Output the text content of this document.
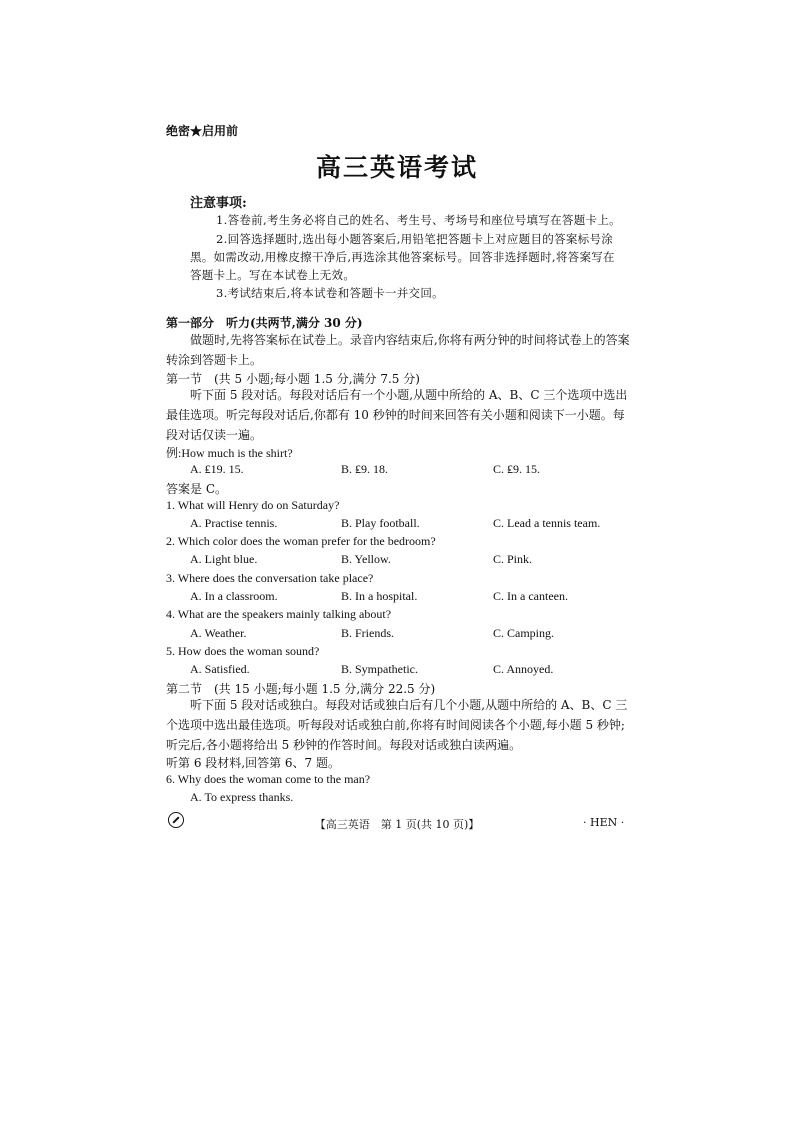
绝密★启用前
高三英语考试
注意事项:
1.答卷前,考生务必将自己的姓名、考生号、考场号和座位号填写在答题卡上。
2.回答选择题时,选出每小题答案后,用铅笔把答题卡上对应题目的答案标号涂
黑。如需改动,用橡皮擦干净后,再选涂其他答案标号。回答非选择题时,将答案写在
答题卡上。写在本试卷上无效。
3.考试结束后,将本试卷和答题卡一并交回。
第一部分　听力(共两节,满分 30 分)
做题时,先将答案标在试卷上。录音内容结束后,你将有两分钟的时间将试卷上的答案转涂到答题卡上。
第一节　(共 5 小题;每小题 1.5 分,满分 7.5 分)
听下面 5 段对话。每段对话后有一个小题,从题中所给的 A、B、C 三个选项中选出最佳选项。听完每段对话后,你都有 10 秒钟的时间来回答有关小题和阅读下一小题。每段对话仅读一遍。
例:How much is the shirt?
A. ₤19. 15.	B. ₤9. 18.	C. ₤9. 15.
答案是 C。
1. What will Henry do on Saturday?
A. Practise tennis.	B. Play football.	C. Lead a tennis team.
2. Which color does the woman prefer for the bedroom?
A. Light blue.	B. Yellow.	C. Pink.
3. Where does the conversation take place?
A. In a classroom.	B. In a hospital.	C. In a canteen.
4. What are the speakers mainly talking about?
A. Weather.	B. Friends.	C. Camping.
5. How does the woman sound?
A. Satisfied.	B. Sympathetic.	C. Annoyed.
第二节　(共 15 小题;每小题 1.5 分,满分 22.5 分)
听下面 5 段对话或独白。每段对话或独白后有几个小题,从题中所给的 A、B、C 三个选项中选出最佳选项。听每段对话或独白前,你将有时间阅读各个小题,每小题 5 秒钟;听完后,各小题将给出 5 秒钟的作答时间。每段对话或独白读两遍。
听第 6 段材料,回答第 6、7 题。
6. Why does the woman come to the man?
A. To express thanks.
【高三英语　第 1 页(共 10 页)】	· HEN ·
